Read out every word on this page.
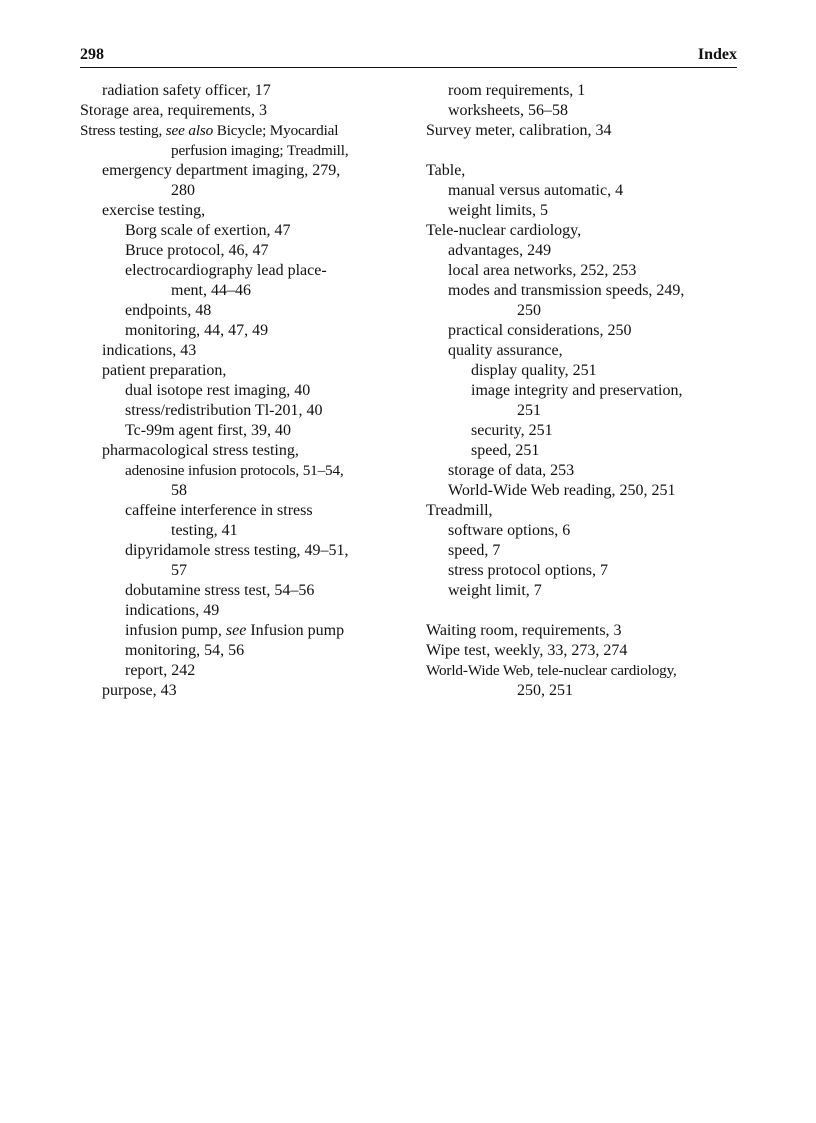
298	Index
radiation safety officer, 17
Storage area, requirements, 3
Stress testing, see also Bicycle; Myocardial
perfusion imaging; Treadmill,
emergency department imaging, 279,
280
exercise testing,
Borg scale of exertion, 47
Bruce protocol, 46, 47
electrocardiography lead place-
ment, 44–46
endpoints, 48
monitoring, 44, 47, 49
indications, 43
patient preparation,
dual isotope rest imaging, 40
stress/redistribution Tl-201, 40
Tc-99m agent first, 39, 40
pharmacological stress testing,
adenosine infusion protocols, 51–54,
58
caffeine interference in stress
testing, 41
dipyridamole stress testing, 49–51,
57
dobutamine stress test, 54–56
indications, 49
infusion pump, see Infusion pump
monitoring, 54, 56
report, 242
purpose, 43
room requirements, 1
worksheets, 56–58
Survey meter, calibration, 34
Table,
manual versus automatic, 4
weight limits, 5
Tele-nuclear cardiology,
advantages, 249
local area networks, 252, 253
modes and transmission speeds, 249,
250
practical considerations, 250
quality assurance,
display quality, 251
image integrity and preservation,
251
security, 251
speed, 251
storage of data, 253
World-Wide Web reading, 250, 251
Treadmill,
software options, 6
speed, 7
stress protocol options, 7
weight limit, 7
Waiting room, requirements, 3
Wipe test, weekly, 33, 273, 274
World-Wide Web, tele-nuclear cardiology,
250, 251
